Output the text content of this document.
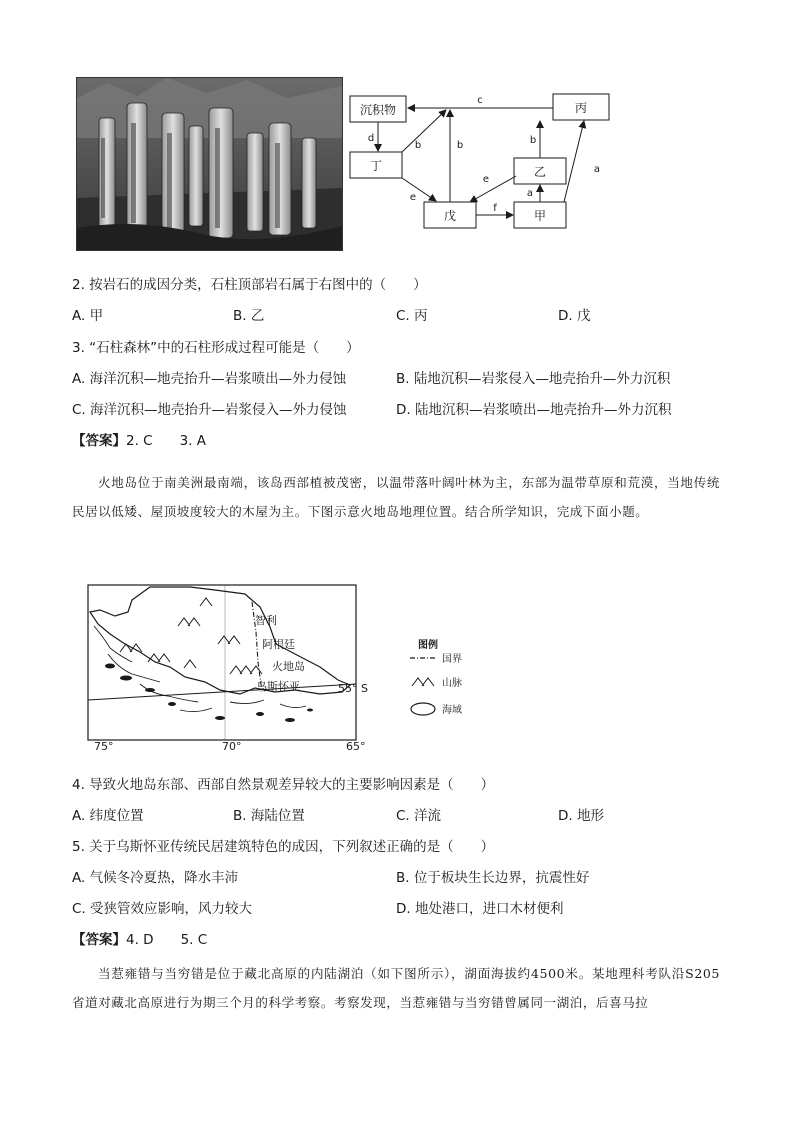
沉积物	丙
丁	乙
戊	甲
c
d
b	b	b
e
e
f
a
a
2. 按岩石的成因分类，石柱顶部岩石属于右图中的（　　）
A. 甲	B. 乙	C. 丙	D. 戊
3. “石柱森林”中的石柱形成过程可能是（　　）
A. 海洋沉积—地壳抬升—岩浆喷出—外力侵蚀	B. 陆地沉积—岩浆侵入—地壳抬升—外力沉积
C. 海洋沉积—地壳抬升—岩浆侵入—外力侵蚀	D. 陆地沉积—岩浆喷出—地壳抬升—外力沉积
【答案】2. C　　3. A
火地岛位于南美洲最南端，该岛西部植被茂密，以温带落叶阔叶林为主，东部为温带草原和荒漠，当地传统民居以低矮、屋顶坡度较大的木屋为主。下图示意火地岛地理位置。结合所学知识，完成下面小题。
智利
阿根廷
火地岛
乌斯怀亚	55° S
75°	70°	65°
图例
国界
山脉
海域
4. 导致火地岛东部、西部自然景观差异较大的主要影响因素是（　　）
A. 纬度位置	B. 海陆位置	C. 洋流	D. 地形
5. 关于乌斯怀亚传统民居建筑特色的成因，下列叙述正确的是（　　）
A. 气候冬冷夏热，降水丰沛	B. 位于板块生长边界，抗震性好
C. 受狭管效应影响，风力较大	D. 地处港口，进口木材便利
【答案】4. D　　5. C
当惹雍错与当穷错是位于藏北高原的内陆湖泊（如下图所示），湖面海拔约4500米。某地理科考队沿S205省道对藏北高原进行为期三个月的科学考察。考察发现，当惹雍错与当穷错曾属同一湖泊，后喜马拉
